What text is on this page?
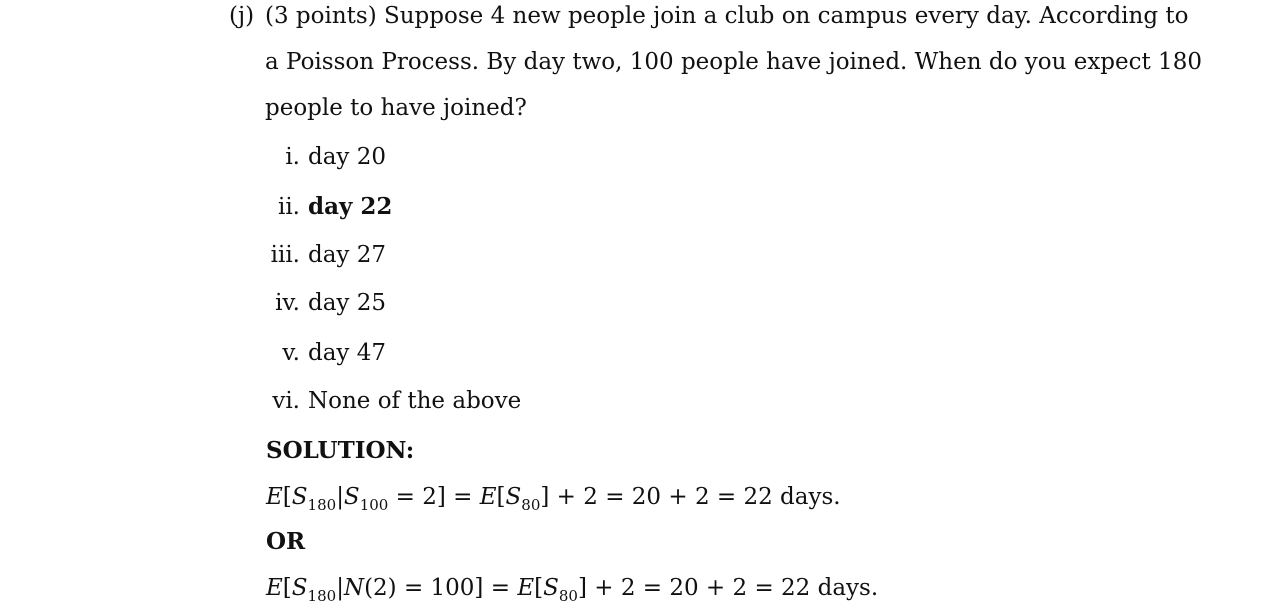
(j) (3 points) Suppose 4 new people join a club on campus every day. According to
a Poisson Process. By day two, 100 people have joined. When do you expect 180
people to have joined?
i. day 20
ii. day 22
iii. day 27
iv. day 25
v. day 47
vi. None of the above
SOLUTION:
$E[S_{180}|S_{100} = 2] = E[S_{80}] + 2 = 20 + 2 = 22$ days.
OR
$E[S_{180}|N(2) = 100] = E[S_{80}] + 2 = 20 + 2 = 22$ days.
